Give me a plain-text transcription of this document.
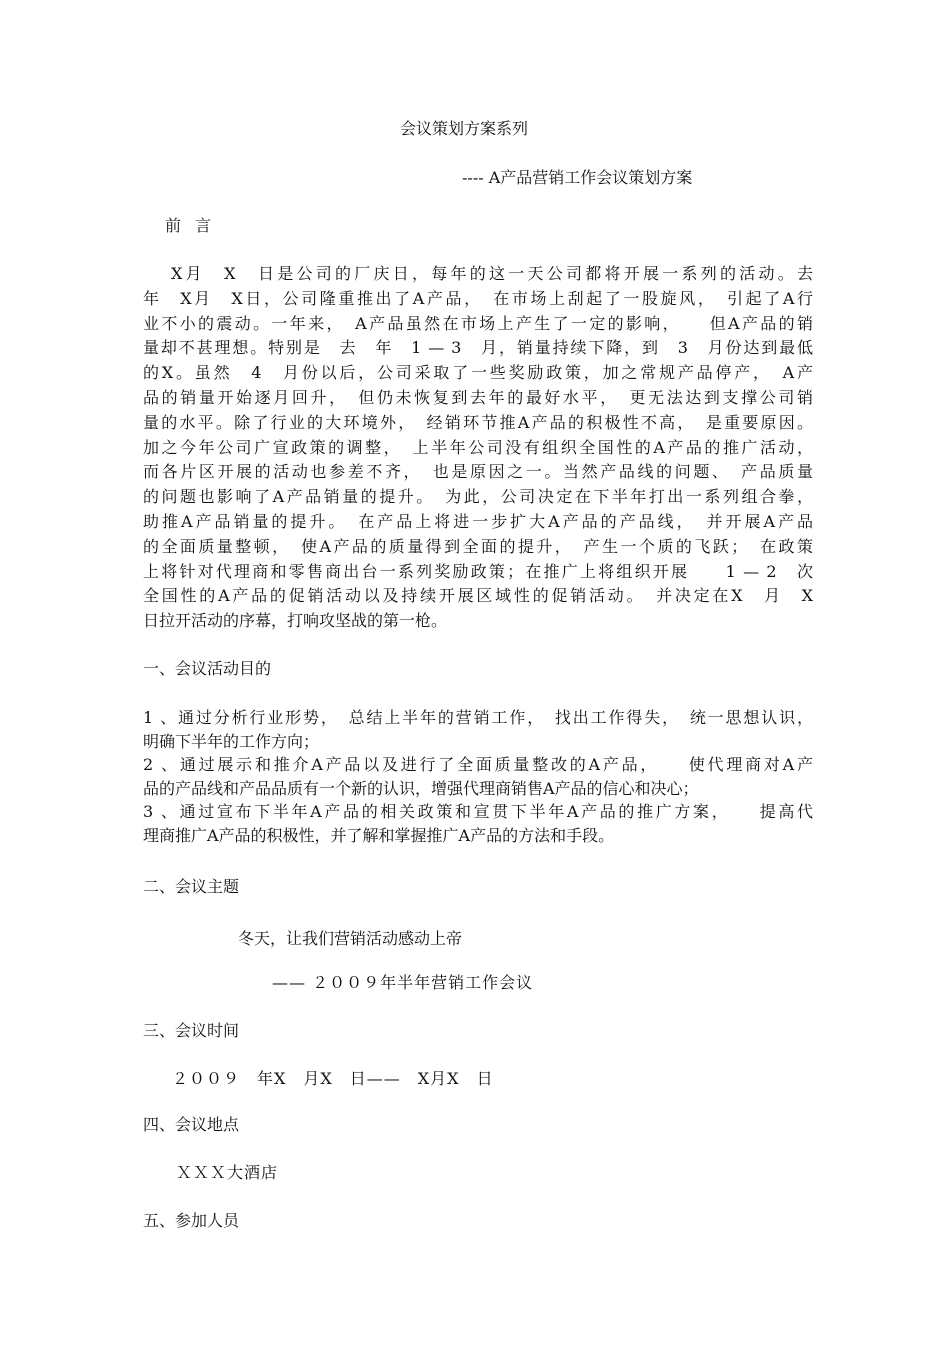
会议策划方案系列
---- A产品营销工作会议策划方案
前言
X月　X　日是公司的厂庆日，每年的这一天公司都将开展一系列的活动。去
年　X月　X日，公司隆重推出了A产品，　在市场上刮起了一股旋风，　引起了A行
业不小的震动。一年来，　A产品虽然在市场上产生了一定的影响，　　但A产品的销
量却不甚理想。特别是　去　年　1 — 3　月，销量持续下降，到　3　月份达到最低
的X。虽然　4　月份以后，公司采取了一些奖励政策，加之常规产品停产，　A产
品的销量开始逐月回升，　但仍未恢复到去年的最好水平，　更无法达到支撑公司销
量的水平。除了行业的大环境外，　经销环节推A产品的积极性不高，　是重要原因。
加之今年公司广宣政策的调整，　上半年公司没有组织全国性的A产品的推广活动，
而各片区开展的活动也参差不齐，　也是原因之一。当然产品线的问题、　产品质量
的问题也影响了A产品销量的提升。　为此，公司决定在下半年打出一系列组合拳，
助推A产品销量的提升。　在产品上将进一步扩大A产品的产品线，　并开展A产品
的全面质量整顿，　使A产品的质量得到全面的提升，　产生一个质的飞跃；　在政策
上将针对代理商和零售商出台一系列奖励政策；在推广上将组织开展　　1 — 2　次
全国性的A产品的促销活动以及持续开展区域性的促销活动。　并决定在X　月　X
日拉开活动的序幕，打响攻坚战的第一枪。
一、会议活动目的
1 、通过分析行业形势，　总结上半年的营销工作，　找出工作得失，　统一思想认识，
明确下半年的工作方向；
2 、通过展示和推介A产品以及进行了全面质量整改的A产品，　　使代理商对A产
品的产品线和产品品质有一个新的认识，增强代理商销售A产品的信心和决心；
3 、通过宣布下半年A产品的相关政策和宣贯下半年A产品的推广方案，　　提高代
理商推广A产品的积极性，并了解和掌握推广A产品的方法和手段。
二、会议主题
冬天，让我们营销活动感动上帝
—— ２００９年半年营销工作会议
三、会议时间
２００９　年X　月X　日——　X月X　日
四、会议地点
ＸＸＸ大酒店
五、参加人员
